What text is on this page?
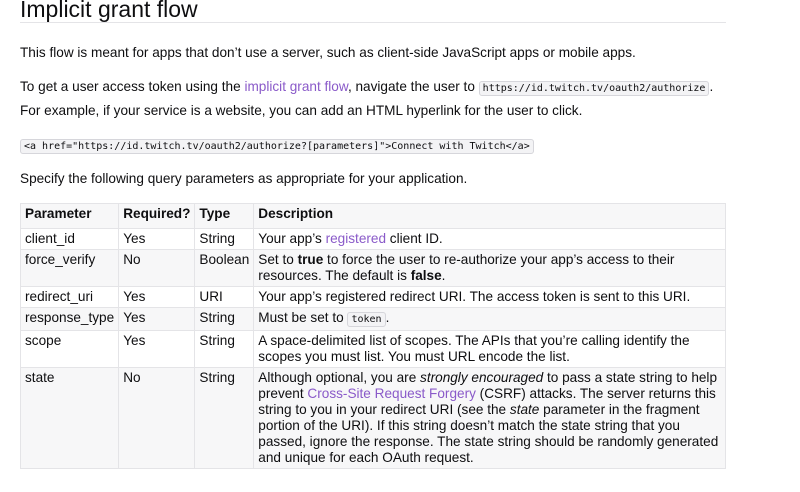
Implicit grant flow

This flow is meant for apps that don’t use a server, such as client-side JavaScript apps or mobile apps.

To get a user access token using the implicit grant flow, navigate the user to https://id.twitch.tv/oauth2/authorize . For example, if your service is a website, you can add an HTML hyperlink for the user to click.

<a href="https://id.twitch.tv/oauth2/authorize?[parameters]">Connect with Twitch</a>

Specify the following query parameters as appropriate for your application.

Parameter	Required?	Type	Description
client_id	Yes	String	Your app’s registered client ID.
force_verify	No	Boolean	Set to true to force the user to re-authorize your app’s access to their resources. The default is false.
redirect_uri	Yes	URI	Your app’s registered redirect URI. The access token is sent to this URI.
response_type	Yes	String	Must be set to token .
scope	Yes	String	A space-delimited list of scopes. The APIs that you’re calling identify the scopes you must list. You must URL encode the list.
state	No	String	Although optional, you are strongly encouraged to pass a state string to help prevent Cross-Site Request Forgery (CSRF) attacks. The server returns this string to you in your redirect URI (see the state parameter in the fragment portion of the URI). If this string doesn’t match the state string that you passed, ignore the response. The state string should be randomly generated and unique for each OAuth request.
